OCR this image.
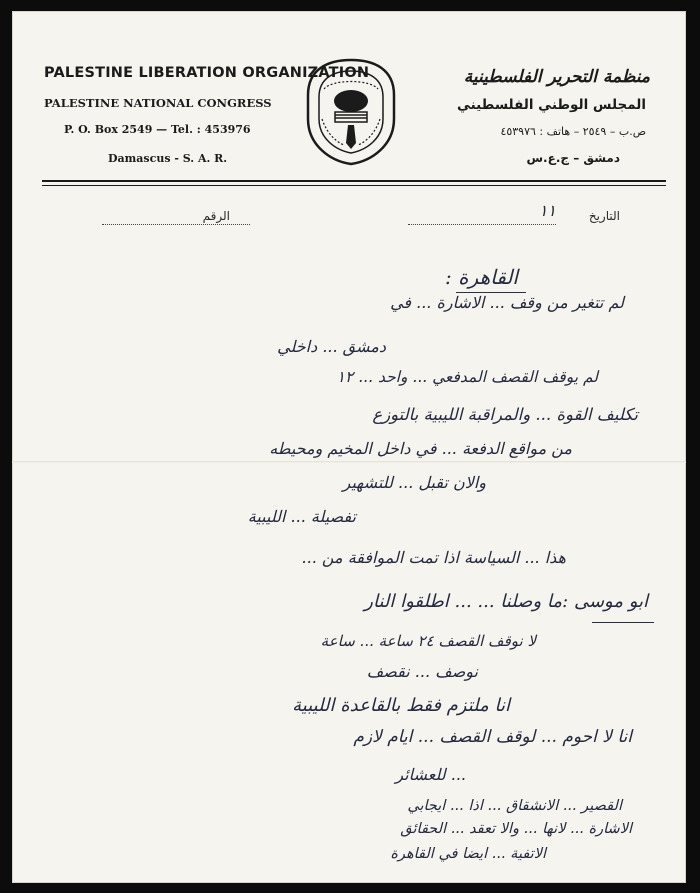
PALESTINE LIBERATION ORGANIZATION
PALESTINE NATIONAL CONGRESS
P. O. Box 2549 — Tel. : 453976
Damascus - S. A. R.
منظمة التحرير الفلسطينية
المجلس الوطني الفلسطيني
ص.ب – ٢٥٤٩ – هاتف : ٤٥٣٩٧٦
دمشق – ج.ع.س
التاريخ
١١
الرقم
القاهرة :
لم تتغير من وقف ... الاشارة ... في
دمشق ... داخلي
لم يوقف القصف المدفعي ... واحد ... ١٢
تكليف القوة ... والمراقبة الليبية بالتوزع
من مواقع الدفعة ... في داخل المخيم ومحيطه
والان تقبل ... للتشهير
تفصيلة ... الليبية
هذا ... السياسة اذا تمت الموافقة من ...
ابو موسى :
ما وصلنا ... ... اطلقوا النار
لا نوقف القصف ٢٤ ساعة ... ساعة
نوصف ... نقصف
انا ملتزم فقط بالقاعدة الليبية
انا لا احوم ... لوقف القصف ... ايام لازم
... للعشائر
القصير ... الانشقاق ... اذا ... ايجابي
الاشارة ... لانها ... والا تعقد ... الحقائق
الاتفية ... ايضا في القاهرة
